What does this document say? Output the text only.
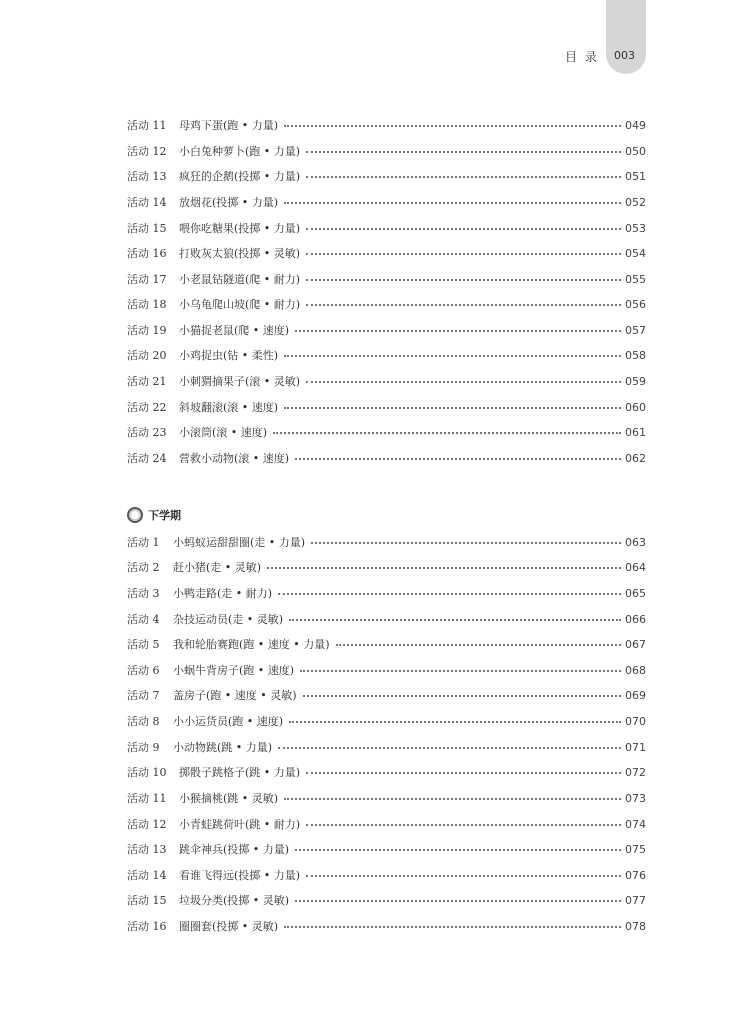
目 录 003
活动 11	母鸡下蛋(跑 • 力量)	049
活动 12	小白兔种萝卜(跑 • 力量)	050
活动 13	疯狂的企鹅(投掷 • 力量)	051
活动 14	放烟花(投掷 • 力量)	052
活动 15	喂你吃糖果(投掷 • 力量)	053
活动 16	打败灰太狼(投掷 • 灵敏)	054
活动 17	小老鼠钻隧道(爬 • 耐力)	055
活动 18	小乌龟爬山坡(爬 • 耐力)	056
活动 19	小猫捉老鼠(爬 • 速度)	057
活动 20	小鸡捉虫(钻 • 柔性)	058
活动 21	小刺猬摘果子(滚 • 灵敏)	059
活动 22	斜坡翻滚(滚 • 速度)	060
活动 23	小滚筒(滚 • 速度)	061
活动 24	营救小动物(滚 • 速度)	062
下学期
活动 1	小蚂蚁运甜甜圈(走 • 力量)	063
活动 2	赶小猪(走 • 灵敏)	064
活动 3	小鸭走路(走 • 耐力)	065
活动 4	杂技运动员(走 • 灵敏)	066
活动 5	我和轮胎赛跑(跑 • 速度 • 力量)	067
活动 6	小蜗牛背房子(跑 • 速度)	068
活动 7	盖房子(跑 • 速度 • 灵敏)	069
活动 8	小小运货员(跑 • 速度)	070
活动 9	小动物跳(跳 • 力量)	071
活动 10	掷骰子跳格子(跳 • 力量)	072
活动 11	小猴摘桃(跳 • 灵敏)	073
活动 12	小青蛙跳荷叶(跳 • 耐力)	074
活动 13	跳伞神兵(投掷 • 力量)	075
活动 14	看谁飞得远(投掷 • 力量)	076
活动 15	垃圾分类(投掷 • 灵敏)	077
活动 16	圈圈套(投掷 • 灵敏)	078
